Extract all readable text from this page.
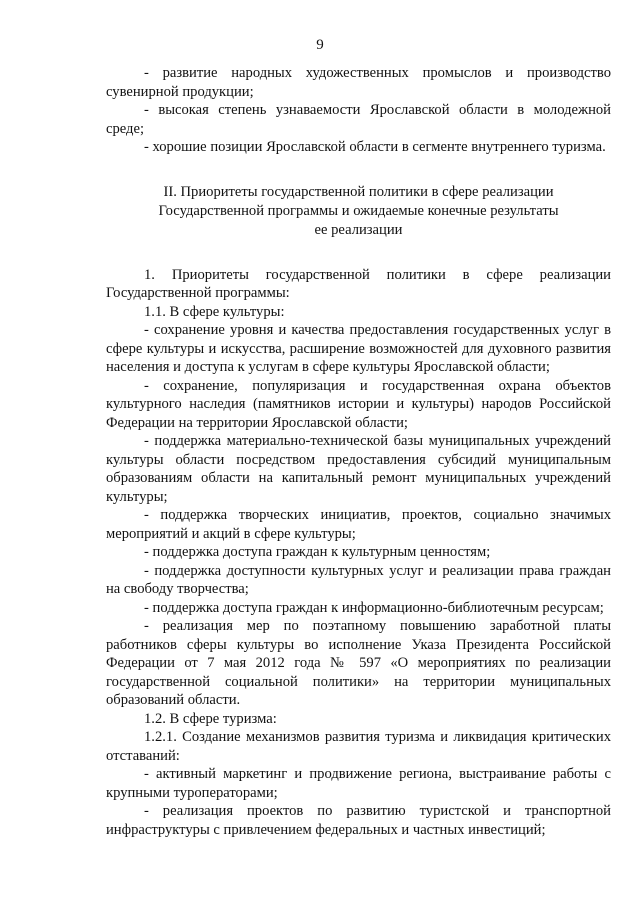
9

- развитие народных художественных промыслов и производство сувенирной продукции;

- высокая степень узнаваемости Ярославской области в молодежной среде;

- хорошие позиции Ярославской области в сегменте внутреннего туризма.

II. Приоритеты государственной политики в сфере реализации
Государственной программы и ожидаемые конечные результаты
ее реализации

1. Приоритеты государственной политики в сфере реализации Государственной программы:

1.1. В сфере культуры:

- сохранение уровня и качества предоставления государственных услуг в сфере культуры и искусства, расширение возможностей для духовного развития населения и доступа к услугам в сфере культуры Ярославской области;

- сохранение, популяризация и государственная охрана объектов культурного наследия (памятников истории и культуры) народов Российской Федерации на территории Ярославской области;

- поддержка материально-технической базы муниципальных учреждений культуры области посредством предоставления субсидий муниципальным образованиям области на капитальный ремонт муниципальных учреждений культуры;

- поддержка творческих инициатив, проектов, социально значимых мероприятий и акций в сфере культуры;

- поддержка доступа граждан к культурным ценностям;

- поддержка доступности культурных услуг и реализации права граждан на свободу творчества;

- поддержка доступа граждан к информационно-библиотечным ресурсам;

- реализация мер по поэтапному повышению заработной платы работников сферы культуры во исполнение Указа Президента Российской Федерации от 7 мая 2012 года № 597 «О мероприятиях по реализации государственной социальной политики» на территории муниципальных образований области.

1.2. В сфере туризма:

1.2.1. Создание механизмов развития туризма и ликвидация критических отставаний:

- активный маркетинг и продвижение региона, выстраивание работы с крупными туроператорами;

- реализация проектов по развитию туристской и транспортной инфраструктуры с привлечением федеральных и частных инвестиций;
